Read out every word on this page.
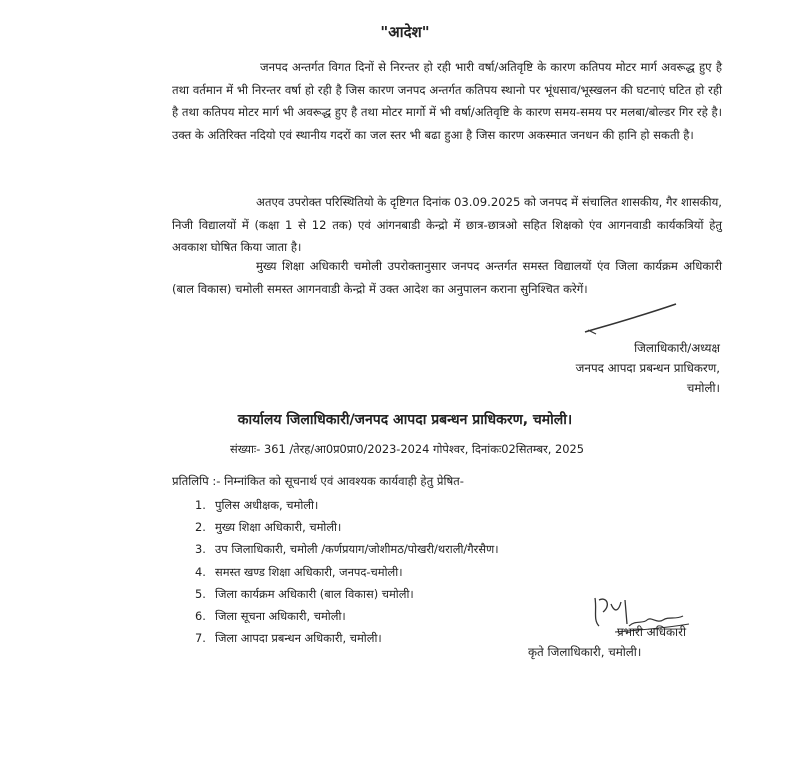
"आदेश"

जनपद अन्तर्गत विगत दिनों से निरन्तर हो रही भारी वर्षा/अतिवृष्टि के कारण कतिपय मोटर मार्ग अवरूद्ध हुए है तथा वर्तमान में भी निरन्तर वर्षा हो रही है जिस कारण जनपद अन्तर्गत कतिपय स्थानो पर भूंधसाव/भूस्खलन की घटनाएं घटित हो रही है तथा कतिपय मोटर मार्ग भी अवरूद्ध हुए है तथा मोटर मार्गो में भी वर्षा/अतिवृष्टि के कारण समय-समय पर मलबा/बोल्डर गिर रहे है। उक्त के अतिरिक्त नदियो एवं स्थानीय गदरों का जल स्तर भी बढा हुआ है जिस कारण अकस्मात जनधन की हानि हो सकती है।

अतएव उपरोक्त परिस्थितियो के दृष्टिगत दिनांक 03.09.2025 को जनपद में संचालित शासकीय, गैर शासकीय, निजी विद्यालयों में (कक्षा 1 से 12 तक) एवं आंगनबाडी केन्द्रो में छात्र-छात्रओ सहित शिक्षको एंव आगनवाडी कार्यकत्रियों हेतु अवकाश घोषित किया जाता है।

मुख्य शिक्षा अधिकारी चमोली उपरोक्तानुसार जनपद अन्तर्गत समस्त विद्यालयों एंव जिला कार्यक्रम अधिकारी (बाल विकास) चमोली समस्त आगनवाडी केन्द्रो में उक्त आदेश का अनुपालन कराना सुनिश्चित करेगें।

जिलाधिकारी/अध्यक्ष
जनपद आपदा प्रबन्धन प्राधिकरण,
चमोली।
कार्यालय जिलाधिकारी/जनपद आपदा प्रबन्धन प्राधिकरण, चमोली।
संख्याः- 361 /तेरह/आ0प्र0प्रा0/2023-2024 गोपेश्वर, दिनांकः02सितम्बर, 2025
प्रतिलिपि :- निम्नांकित को सूचनार्थ एवं आवश्यक कार्यवाही हेतु प्रेषित-
1. पुलिस अधीक्षक, चमोली।
2. मुख्य शिक्षा अधिकारी, चमोली।
3. उप जिलाधिकारी, चमोली /कर्णप्रयाग/जोशीमठ/पोखरी/थराली/गैरसैण।
4. समस्त खण्ड शिक्षा अधिकारी, जनपद-चमोली।
5. जिला कार्यक्रम अधिकारी (बाल विकास) चमोली।
6. जिला सूचना अधिकारी, चमोली।
7. जिला आपदा प्रबन्धन अधिकारी, चमोली।	प्रभारी अधिकारी
कृते जिलाधिकारी, चमोली।
